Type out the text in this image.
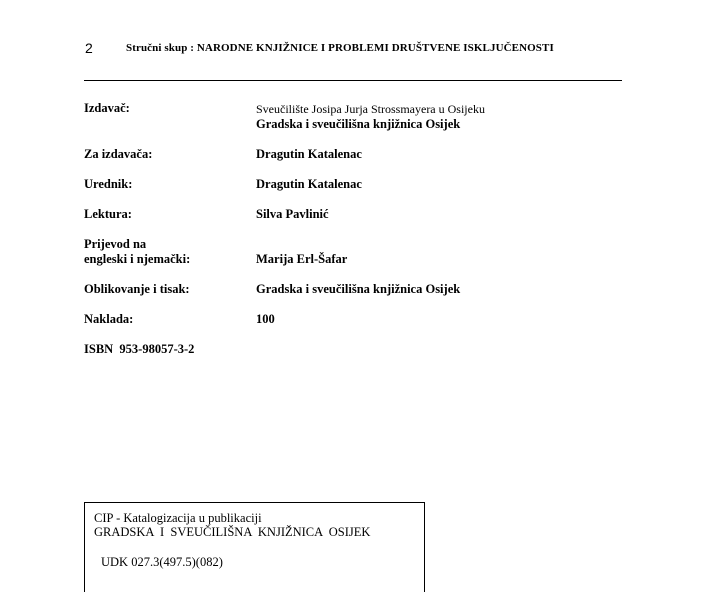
2	Stručni skup : NARODNE KNJIŽNICE I PROBLEMI DRUŠTVENE ISKLJUČENOSTI
Izdavač:	Sveučilište Josipa Jurja Strossmayera u Osijeku
Gradska i sveučilišna knjižnica Osijek
Za izdavača:	Dragutin Katalenac
Urednik:	Dragutin Katalenac
Lektura:	Silva Pavlinić
Prijevod na
engleski i njemački:	Marija Erl-Šafar
Oblikovanje i tisak:	Gradska i sveučilišna knjižnica Osijek
Naklada:	100
ISBN  953-98057-3-2
CIP - Katalogizacija u publikaciji
GRADSKA  I  SVEUČILIŠNA  KNJIŽNICA  OSIJEK
UDK 027.3(497.5)(082)
